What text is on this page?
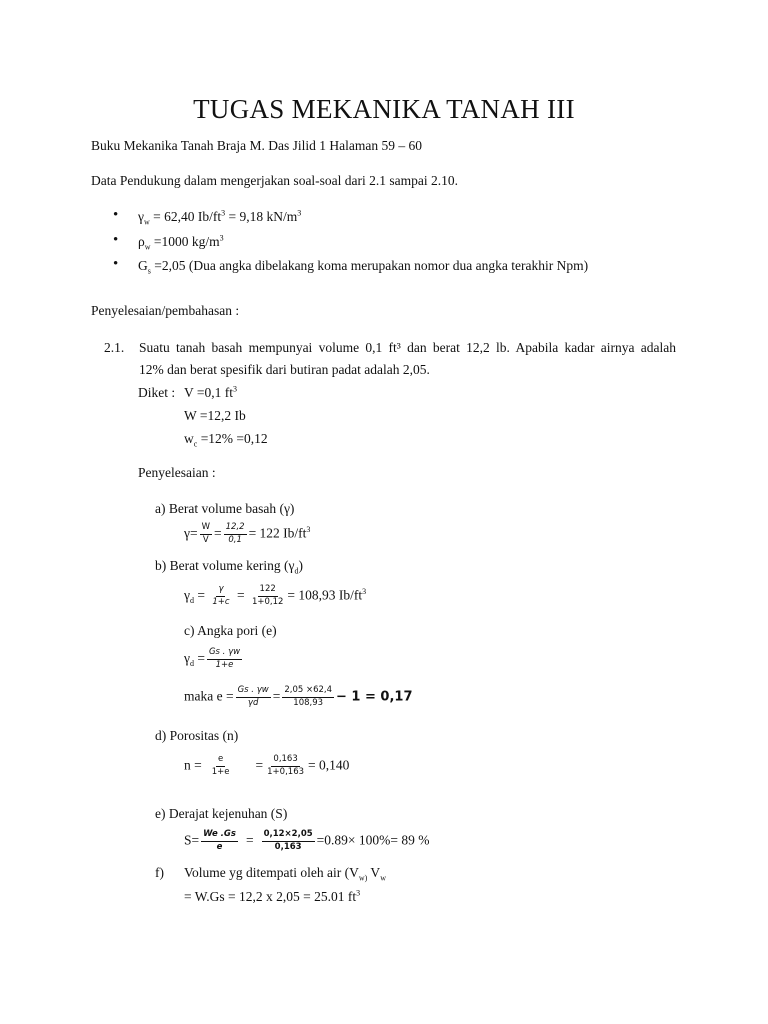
TUGAS MEKANIKA TANAH III
Buku Mekanika Tanah Braja M. Das Jilid 1 Halaman 59 – 60
Data Pendukung dalam mengerjakan soal-soal dari 2.1 sampai 2.10.
• $\gamma_w = 62,40$ $Ib/ft^3 = 9,18$ $kN/m^3$
• $\rho_w =1000$ $kg/m^3$
• $G_s =2,05$ (Dua angka dibelakang koma merupakan nomor dua angka terakhir Npm)
Penyelesaian/pembahasan :
2.1. Suatu tanah basah mempunyai volume 0,1 ft³ dan berat 12,2 lb. Apabila kadar airnya adalah
12% dan berat spesifik dari butiran padat adalah 2,05.
Diket : V =0,1 $ft^3$
W =12,2 Ib
$w_c =12\% =0,12$
Penyelesaian :
a) Berat volume basah (γ)
$\gamma= \frac{W}{V} = \frac{12,2}{0,1} = 122$ $Ib/ft^3$
b) Berat volume kering $(\gamma_d)$
$\gamma_d = \frac{\gamma}{1+c} = \frac{122}{1+0,12} = 108,93$ $Ib/ft^3$
c) Angka pori (e)
$\gamma_d = \frac{Gs . \gamma w}{1+e}$
maka $e = \frac{Gs . \gamma w}{\gamma d} = \frac{2,05 \times 62,4}{108,93} - 1 = 0,17$
d) Porositas (n)
$n = \frac{e}{1+e} = \frac{0,163}{1+0,163} = 0,140$
e) Derajat kejenuhan (S)
$S= \frac{We .Gs}{e} = \frac{0,12\times 2,05}{0,163} =0.89\times 100\%= 89$ %
f) Volume yg ditempati oleh air ($V_{w)}$ $V_w$
= W.Gs = 12,2 x 2,05 = 25.01 $ft^3$
